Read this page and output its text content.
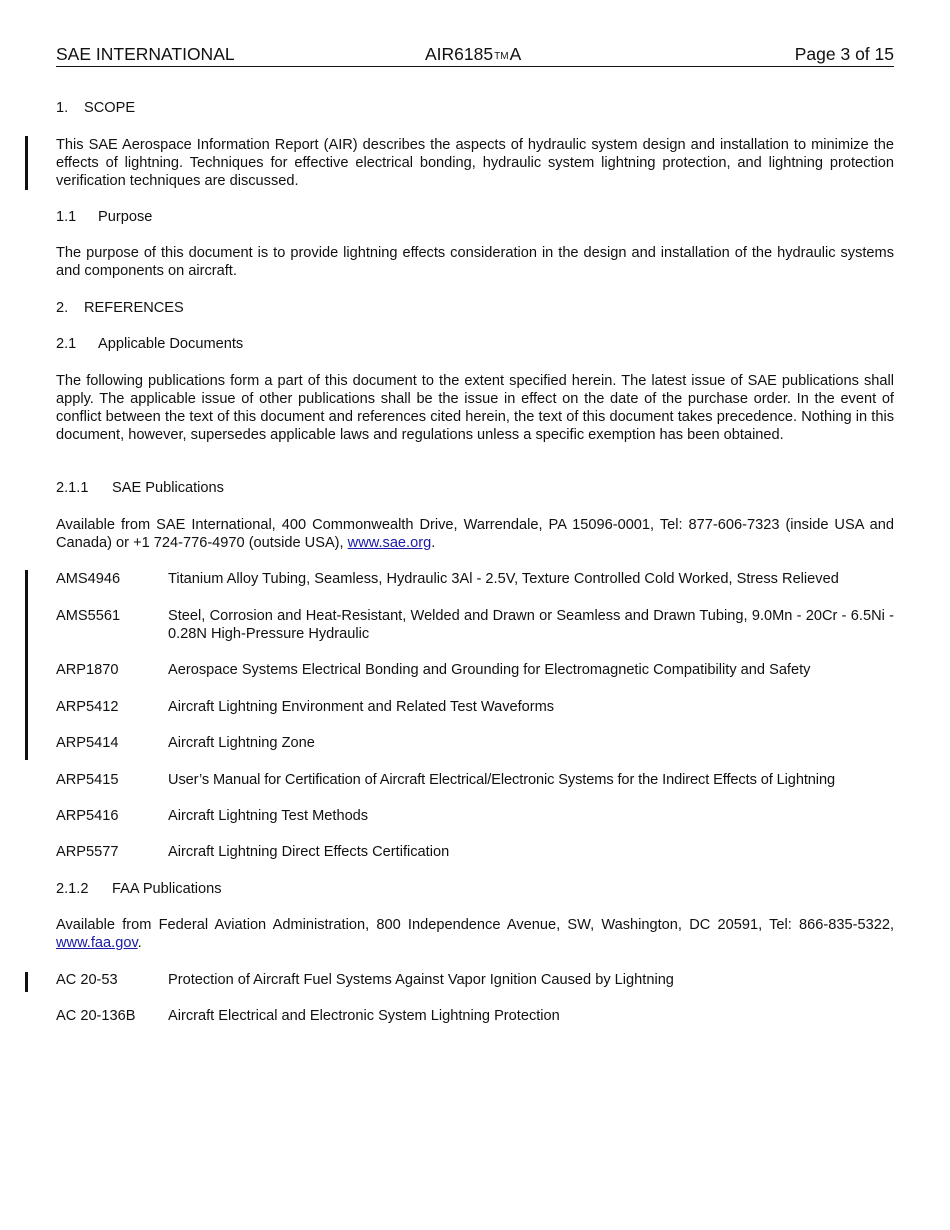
SAE INTERNATIONAL	AIR6185™A	Page 3 of 15
1. SCOPE
This SAE Aerospace Information Report (AIR) describes the aspects of hydraulic system design and installation to minimize the effects of lightning. Techniques for effective electrical bonding, hydraulic system lightning protection, and lightning protection verification techniques are discussed.
1.1 Purpose
The purpose of this document is to provide lightning effects consideration in the design and installation of the hydraulic systems and components on aircraft.
2. REFERENCES
2.1 Applicable Documents
The following publications form a part of this document to the extent specified herein. The latest issue of SAE publications shall apply. The applicable issue of other publications shall be the issue in effect on the date of the purchase order. In the event of conflict between the text of this document and references cited herein, the text of this document takes precedence. Nothing in this document, however, supersedes applicable laws and regulations unless a specific exemption has been obtained.
2.1.1 SAE Publications
Available from SAE International, 400 Commonwealth Drive, Warrendale, PA 15096-0001, Tel: 877-606-7323 (inside USA and Canada) or +1 724-776-4970 (outside USA), www.sae.org.
AMS4946	Titanium Alloy Tubing, Seamless, Hydraulic 3Al - 2.5V, Texture Controlled Cold Worked, Stress Relieved
AMS5561	Steel, Corrosion and Heat-Resistant, Welded and Drawn or Seamless and Drawn Tubing, 9.0Mn - 20Cr - 6.5Ni - 0.28N High-Pressure Hydraulic
ARP1870	Aerospace Systems Electrical Bonding and Grounding for Electromagnetic Compatibility and Safety
ARP5412	Aircraft Lightning Environment and Related Test Waveforms
ARP5414	Aircraft Lightning Zone
ARP5415	User’s Manual for Certification of Aircraft Electrical/Electronic Systems for the Indirect Effects of Lightning
ARP5416	Aircraft Lightning Test Methods
ARP5577	Aircraft Lightning Direct Effects Certification
2.1.2 FAA Publications
Available from Federal Aviation Administration, 800 Independence Avenue, SW, Washington, DC 20591, Tel: 866-835-5322, www.faa.gov.
AC 20-53	Protection of Aircraft Fuel Systems Against Vapor Ignition Caused by Lightning
AC 20-136B	Aircraft Electrical and Electronic System Lightning Protection
